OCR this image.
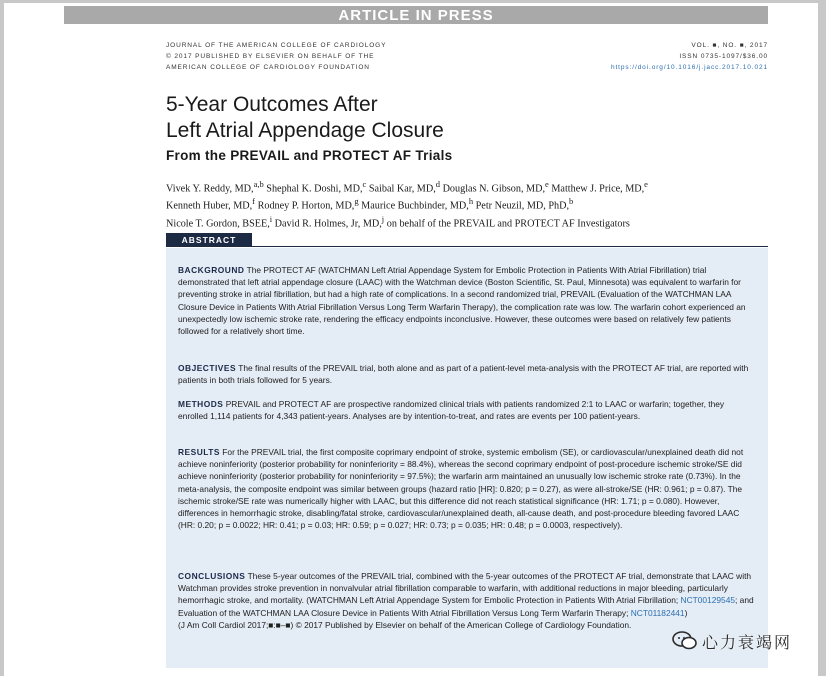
ARTICLE IN PRESS
JOURNAL OF THE AMERICAN COLLEGE OF CARDIOLOGY
© 2017 PUBLISHED BY ELSEVIER ON BEHALF OF THE
AMERICAN COLLEGE OF CARDIOLOGY FOUNDATION
VOL. ■, NO. ■, 2017
ISSN 0735-1097/$36.00
https://doi.org/10.1016/j.jacc.2017.10.021
5-Year Outcomes After
Left Atrial Appendage Closure
From the PREVAIL and PROTECT AF Trials
Vivek Y. Reddy, MD,$^{a,b}$ Shephal K. Doshi, MD,$^c$ Saibal Kar, MD,$^d$ Douglas N. Gibson, MD,$^e$ Matthew J. Price, MD,$^e$
Kenneth Huber, MD,$^f$ Rodney P. Horton, MD,$^g$ Maurice Buchbinder, MD,$^h$ Petr Neuzil, MD, PhD,$^b$
Nicole T. Gordon, BSEE,$^i$ David R. Holmes, Jr, MD,$^j$ on behalf of the PREVAIL and PROTECT AF Investigators
ABSTRACT
BACKGROUND The PROTECT AF (WATCHMAN Left Atrial Appendage System for Embolic Protection in Patients With Atrial Fibrillation) trial demonstrated that left atrial appendage closure (LAAC) with the Watchman device (Boston Scientific, St. Paul, Minnesota) was equivalent to warfarin for preventing stroke in atrial fibrillation, but had a high rate of complications. In a second randomized trial, PREVAIL (Evaluation of the WATCHMAN LAA Closure Device in Patients With Atrial Fibrillation Versus Long Term Warfarin Therapy), the complication rate was low. The warfarin cohort experienced an unexpectedly low ischemic stroke rate, rendering the efficacy endpoints inconclusive. However, these outcomes were based on relatively few patients followed for a relatively short time.
OBJECTIVES The final results of the PREVAIL trial, both alone and as part of a patient-level meta-analysis with the PROTECT AF trial, are reported with patients in both trials followed for 5 years.
METHODS PREVAIL and PROTECT AF are prospective randomized clinical trials with patients randomized 2:1 to LAAC or warfarin; together, they enrolled 1,114 patients for 4,343 patient-years. Analyses are by intention-to-treat, and rates are events per 100 patient-years.
RESULTS For the PREVAIL trial, the first composite coprimary endpoint of stroke, systemic embolism (SE), or cardiovascular/unexplained death did not achieve noninferiority (posterior probability for noninferiority = 88.4%), whereas the second coprimary endpoint of post-procedure ischemic stroke/SE did achieve noninferiority (posterior probability for noninferiority = 97.5%); the warfarin arm maintained an unusually low ischemic stroke rate (0.73%). In the meta-analysis, the composite endpoint was similar between groups (hazard ratio [HR]: 0.820; p = 0.27), as were all-stroke/SE (HR: 0.961; p = 0.87). The ischemic stroke/SE rate was numerically higher with LAAC, but this difference did not reach statistical significance (HR: 1.71; p = 0.080). However, differences in hemorrhagic stroke, disabling/fatal stroke, cardiovascular/unexplained death, all-cause death, and post-procedure bleeding favored LAAC (HR: 0.20; p = 0.0022; HR: 0.41; p = 0.03; HR: 0.59; p = 0.027; HR: 0.73; p = 0.035; HR: 0.48; p = 0.0003, respectively).
CONCLUSIONS These 5-year outcomes of the PREVAIL trial, combined with the 5-year outcomes of the PROTECT AF trial, demonstrate that LAAC with Watchman provides stroke prevention in nonvalvular atrial fibrillation comparable to warfarin, with additional reductions in major bleeding, particularly hemorrhagic stroke, and mortality. (WATCHMAN Left Atrial Appendage System for Embolic Protection in Patients With Atrial Fibrillation; NCT00129545; and Evaluation of the WATCHMAN LAA Closure Device in Patients With Atrial Fibrillation Versus Long Term Warfarin Therapy; NCT01182441)
(J Am Coll Cardiol 2017;■:■–■) © 2017 Published by Elsevier on behalf of the American College of Cardiology Foundation.
心力衰竭网
